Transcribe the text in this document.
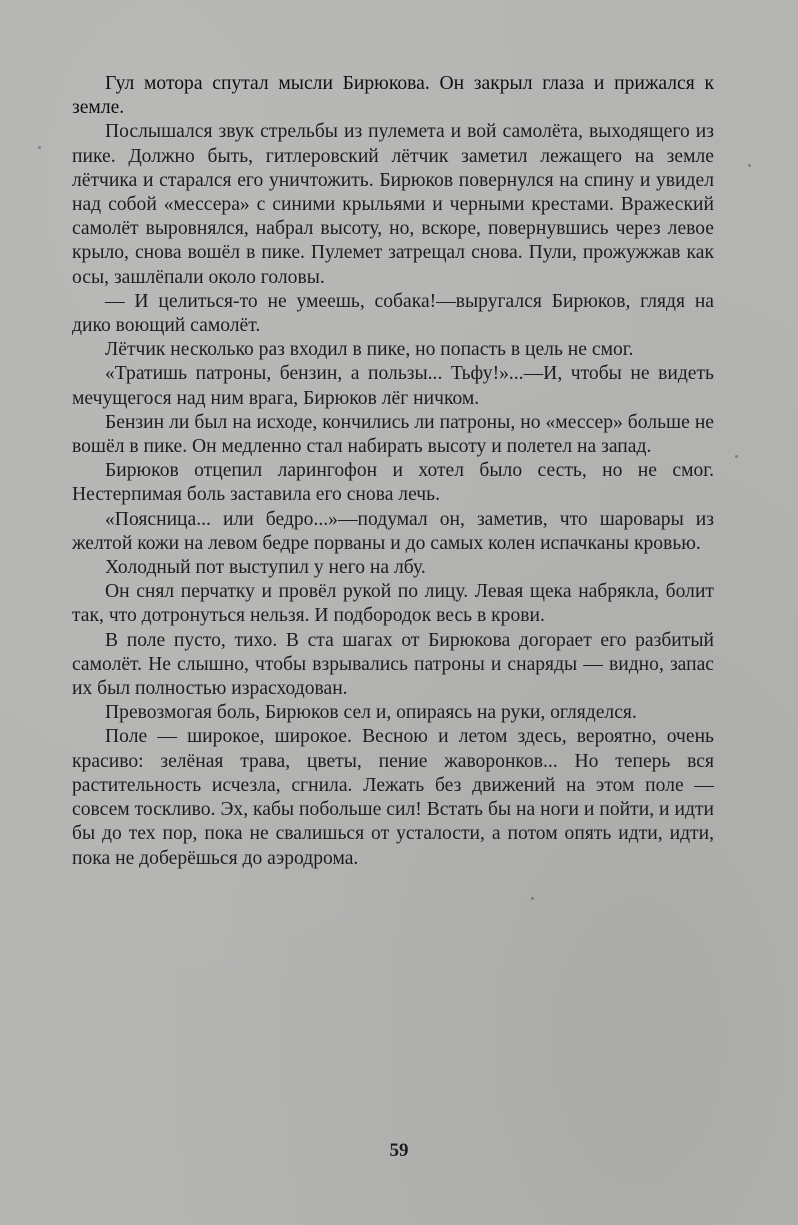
Гул мотора спутал мысли Бирюкова. Он закрыл глаза и прижался к земле.

Послышался звук стрельбы из пулемета и вой самолёта, выходящего из пике. Должно быть, гитлеровский лётчик заметил лежащего на земле лётчика и старался его уничтожить. Бирюков повернулся на спину и увидел над собой «мессера» с синими крыльями и черными крестами. Вражеский самолёт выровнялся, набрал высоту, но, вскоре, повернувшись через левое крыло, снова вошёл в пике. Пулемет затрещал снова. Пули, прожужжав как осы, зашлёпали около головы.

— И целиться-то не умеешь, собака!—выругался Бирюков, глядя на дико воющий самолёт.

Лётчик несколько раз входил в пике, но попасть в цель не смог.

«Тратишь патроны, бензин, а пользы... Тьфу!»...—И, чтобы не видеть мечущегося над ним врага, Бирюков лёг ничком.

Бензин ли был на исходе, кончились ли патроны, но «мессер» больше не вошёл в пике. Он медленно стал набирать высоту и полетел на запад.

Бирюков отцепил ларингофон и хотел было сесть, но не смог. Нестерпимая боль заставила его снова лечь.

«Поясница... или бедро...»—подумал он, заметив, что шаровары из желтой кожи на левом бедре порваны и до самых колен испачканы кровью.

Холодный пот выступил у него на лбу.

Он снял перчатку и провёл рукой по лицу. Левая щека набрякла, болит так, что дотронуться нельзя. И подбородок весь в крови.

В поле пусто, тихо. В ста шагах от Бирюкова догорает его разбитый самолёт. Не слышно, чтобы взрывались патроны и снаряды — видно, запас их был полностью израсходован.

Превозмогая боль, Бирюков сел и, опираясь на руки, огляделся.

Поле — широкое, широкое. Весною и летом здесь, вероятно, очень красиво: зелёная трава, цветы, пение жаворонков... Но теперь вся растительность исчезла, сгнила. Лежать без движений на этом поле — совсем тоскливо. Эх, кабы побольше сил! Встать бы на ноги и пойти, и идти бы до тех пор, пока не свалишься от усталости, а потом опять идти, идти, пока не доберёшься до аэродрома.

59
